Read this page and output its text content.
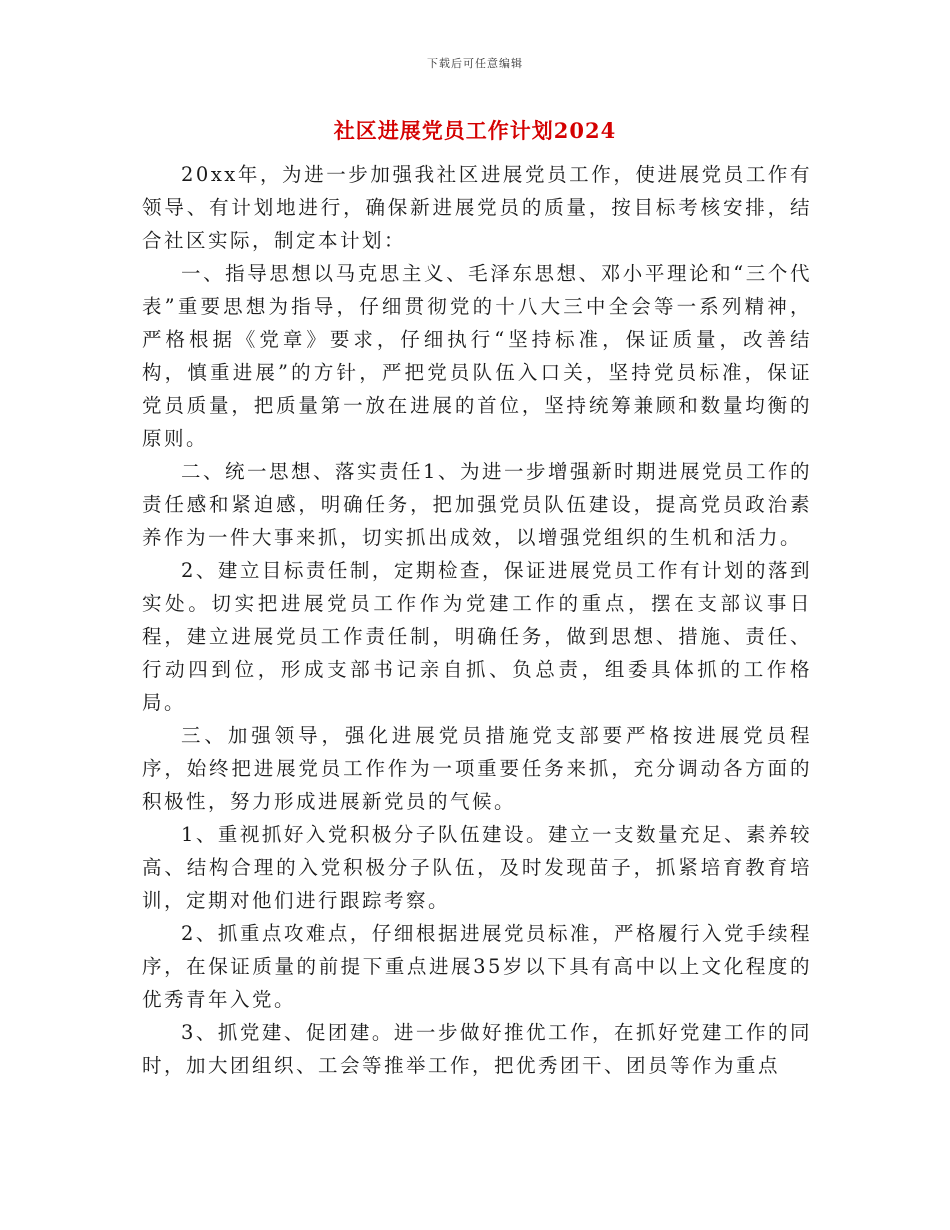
下载后可任意编辑
社区进展党员工作计划2024

20xx年，为进一步加强我社区进展党员工作，使进展党员工作有领导、有计划地进行，确保新进展党员的质量，按目标考核安排，结合社区实际，制定本计划：

一、指导思想以马克思主义、毛泽东思想、邓小平理论和“三个代表”重要思想为指导，仔细贯彻党的十八大三中全会等一系列精神，严格根据《党章》要求，仔细执行“坚持标准，保证质量，改善结构，慎重进展”的方针，严把党员队伍入口关，坚持党员标准，保证党员质量，把质量第一放在进展的首位，坚持统筹兼顾和数量均衡的原则。

二、统一思想、落实责任1、为进一步增强新时期进展党员工作的责任感和紧迫感，明确任务，把加强党员队伍建设，提高党员政治素养作为一件大事来抓，切实抓出成效，以增强党组织的生机和活力。

2、建立目标责任制，定期检查，保证进展党员工作有计划的落到实处。切实把进展党员工作作为党建工作的重点，摆在支部议事日程，建立进展党员工作责任制，明确任务，做到思想、措施、责任、行动四到位，形成支部书记亲自抓、负总责，组委具体抓的工作格局。

三、加强领导，强化进展党员措施党支部要严格按进展党员程序，始终把进展党员工作作为一项重要任务来抓，充分调动各方面的积极性，努力形成进展新党员的气候。

1、重视抓好入党积极分子队伍建设。建立一支数量充足、素养较高、结构合理的入党积极分子队伍，及时发现苗子，抓紧培育教育培训，定期对他们进行跟踪考察。

2、抓重点攻难点，仔细根据进展党员标准，严格履行入党手续程序，在保证质量的前提下重点进展35岁以下具有高中以上文化程度的优秀青年入党。

3、抓党建、促团建。进一步做好推优工作，在抓好党建工作的同时，加大团组织、工会等推举工作，把优秀团干、团员等作为重点
